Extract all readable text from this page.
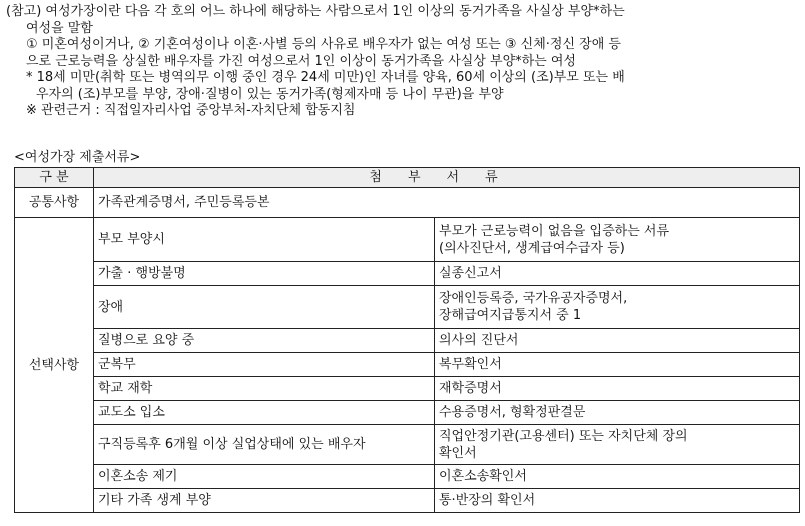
(참고) 여성가장이란 다음 각 호의 어느 하나에 해당하는 사람으로서 1인 이상의 동거가족을 사실상 부양*하는

여성을 말함

① 미혼여성이거나, ② 기혼여성이나 이혼·사별 등의 사유로 배우자가 없는 여성 또는 ③ 신체·정신 장애 등

으로 근로능력을 상실한 배우자를 가진 여성으로서 1인 이상이 동거가족을 사실상 부양*하는 여성

* 18세 미만(취학 또는 병역의무 이행 중인 경우 24세 미만)인 자녀를 양육, 60세 이상의 (조)부모 또는 배

우자의 (조)부모를 부양, 장애·질병이 있는 동거가족(형제자매 등 나이 무관)을 부양

※ 관련근거 : 직접일자리사업 중앙부처-자치단체 합동지침

<여성가장 제출서류>
구 분	첨부서류	
공통사항	가족관계증명서, 주민등록등본	
선택사항	부모 부양시	부모가 근로능력이 없음을 입증하는 서류
(의사진단서, 생계급여수급자 등)

	가출 · 행방불명	실종신고서
	장애	장애인등록증, 국가유공자증명서,
장해급여지급통지서 중 1

	질병으로 요양 중	의사의 진단서
	군복무	복무확인서
	학교 재학	재학증명서
	교도소 입소	수용증명서, 형확정판결문
	구직등록후 6개월 이상 실업상태에 있는 배우자	직업안정기관(고용센터) 또는 자치단체 장의
확인서

	이혼소송 제기	이혼소송확인서
	기타 가족 생계 부양	통·반장의 확인서
